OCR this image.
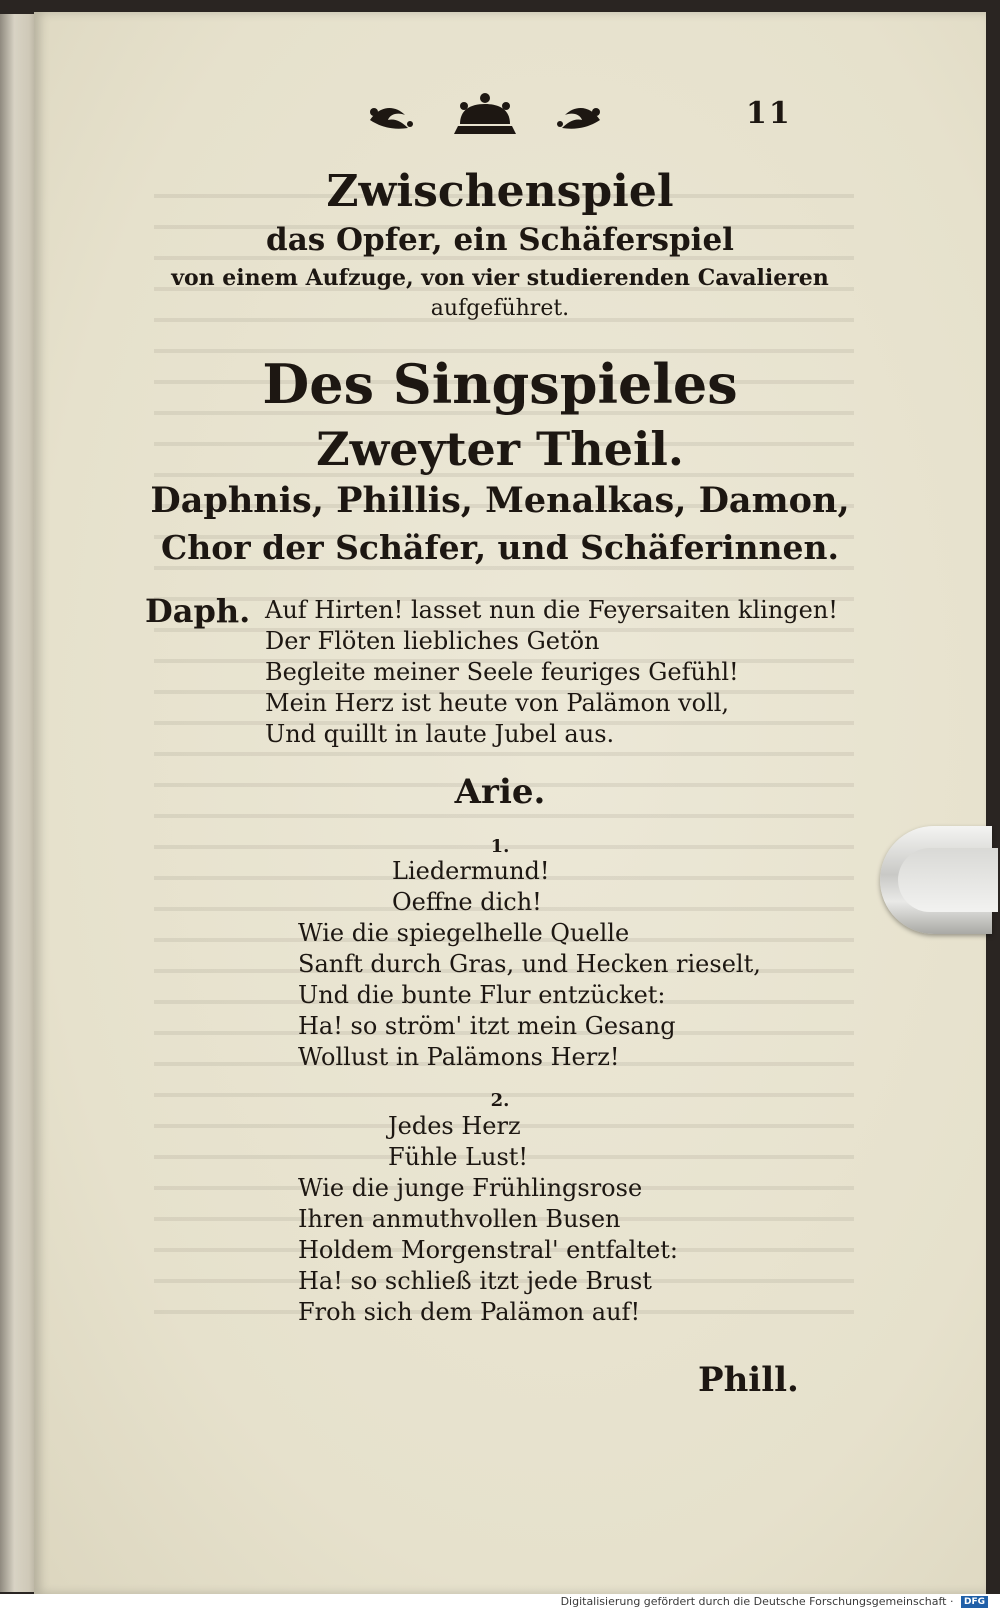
11
Zwischenspiel
das Opfer, ein Schäferspiel
von einem Aufzuge, von vier studierenden Cavalieren
aufgeführet.
Des Singspieles
Zweyter Theil.
Daphnis, Phillis, Menalkas, Damon,
Chor der Schäfer, und Schäferinnen.
Daph. Auf Hirten! lasset nun die Feyersaiten klingen!
Der Flöten liebliches Getön
Begleite meiner Seele feuriges Gefühl!
Mein Herz ist heute von Palämon voll,
Und quillt in laute Jubel aus.
Arie.
1.
Liedermund!
Oeffne dich!
Wie die spiegelhelle Quelle
Sanft durch Gras, und Hecken rieselt,
Und die bunte Flur entzücket:
Ha! so ström' itzt mein Gesang
Wollust in Palämons Herz!
2.
Jedes Herz
Fühle Lust!
Wie die junge Frühlingsrose
Ihren anmuthvollen Busen
Holdem Morgenstral' entfaltet:
Ha! so schließ itzt jede Brust
Froh sich dem Palämon auf!
Phill.
Digitalisierung gefördert durch die Deutsche Forschungsgemeinschaft · DFG
